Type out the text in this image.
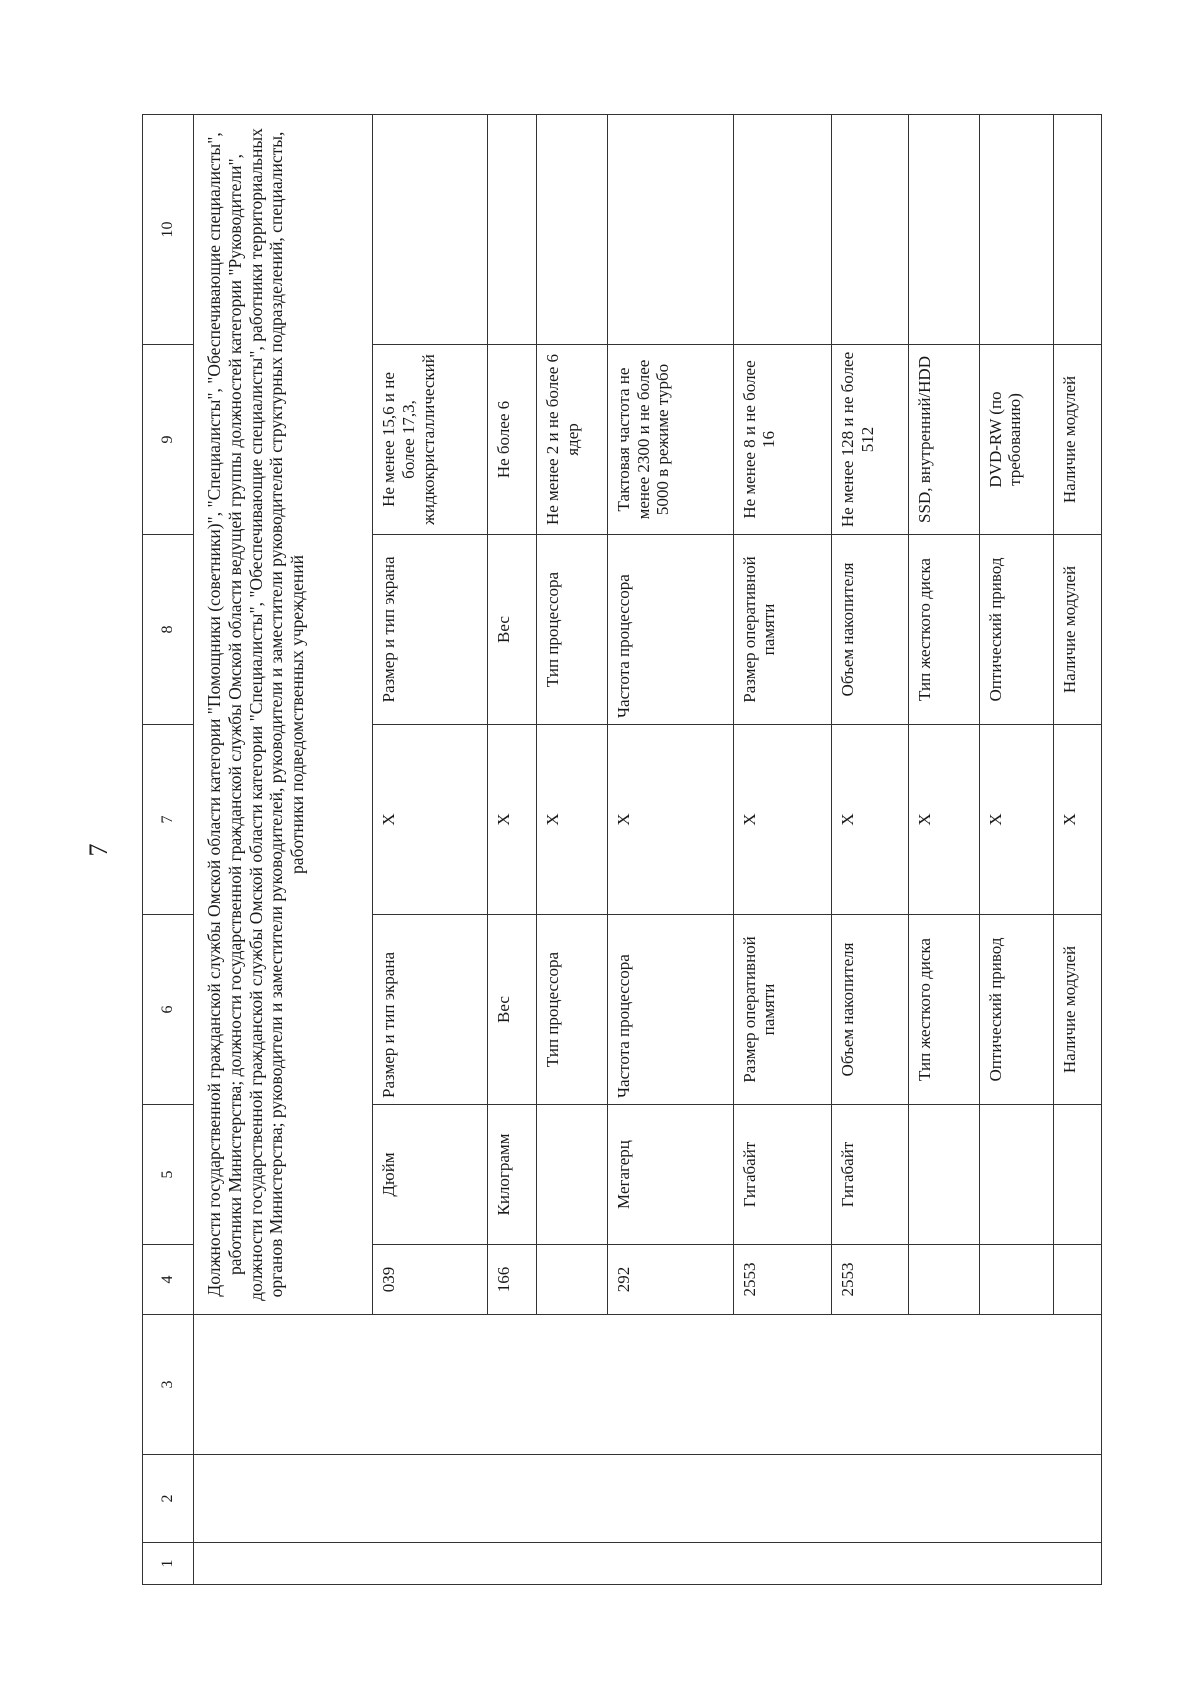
7
1	2	3	4	5	6	7	8	9	10
			Должности государственной гражданской службы Омской области категории "Помощники (советники)", "Специалисты", "Обеспечивающие специалисты", работники Министерства; должности государственной гражданской службы Омской области ведущей группы должностей категории "Руководители", должности государственной гражданской службы Омской области категории "Специалисты", "Обеспечивающие специалисты", работники территориальных органов Министерства; руководители и заместители руководителей, руководители и заместители руководителей структурных подразделений, специалисты, работники подведомственных учреждений						
			039	Дюйм	Размер и тип экрана	X	Размер и тип экрана	Не менее 15,6 и не более 17,3, жидкокристаллический	
			166	Килограмм	Вес	X	Вес	Не более 6	
					Тип процессора	X	Тип процессора	Не менее 2 и не более 6 ядер	
			292	Мегагерц	Частота процессора	X	Частота процессора	Тактовая частота не менее 2300 и не более 5000 в режиме турбо	
			2553	Гигабайт	Размер оперативной памяти	X	Размер оперативной памяти	Не менее 8 и не более 16	
			2553	Гигабайт	Объем накопителя	X	Объем накопителя	Не менее 128 и не более 512	
					Тип жесткого диска	X	Тип жесткого диска	SSD, внутренний/HDD	
					Оптический привод	X	Оптический привод	DVD-RW (по требованию)	
					Наличие модулей	X	Наличие модулей	Наличие модулей	
